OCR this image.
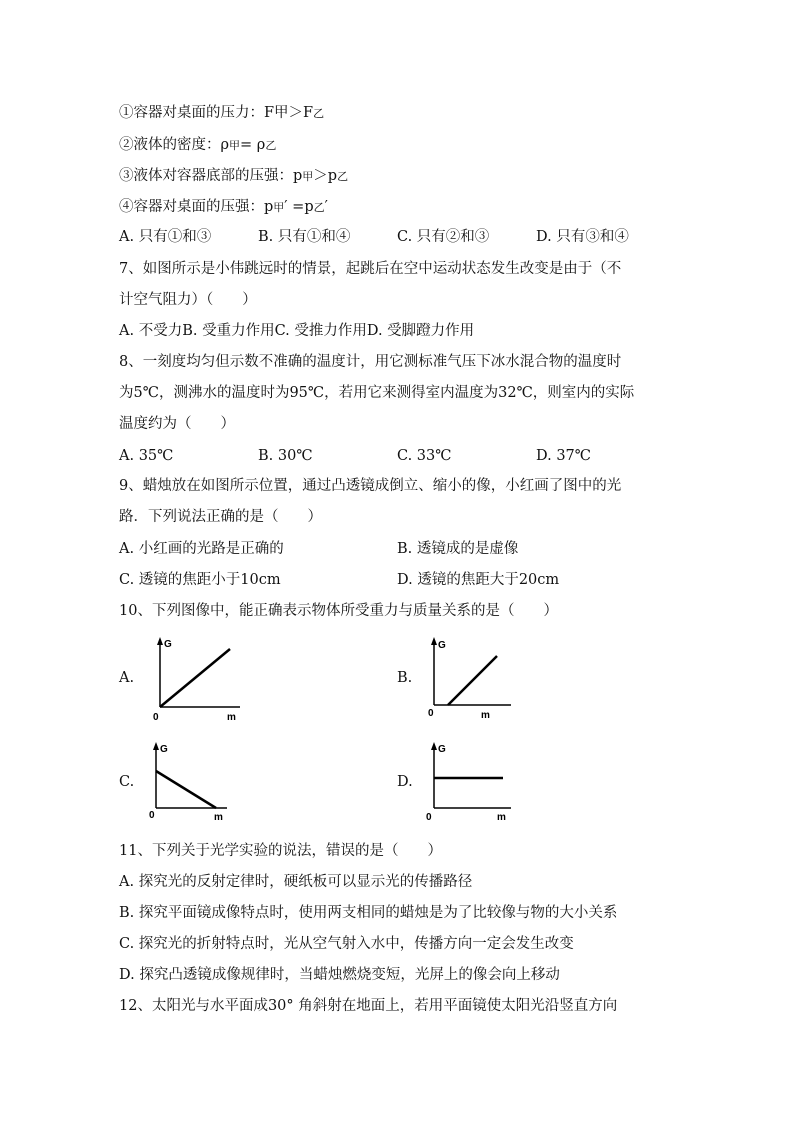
①容器对桌面的压力：F甲＞F乙
②液体的密度：ρ甲= ρ乙
③液体对容器底部的压强：p甲＞p乙
④容器对桌面的压强：p甲′ =p乙′
A. 只有①和③	B. 只有①和④	C. 只有②和③	D. 只有③和④
7、如图所示是小伟跳远时的情景，起跳后在空中运动状态发生改变是由于（不
计空气阻力）（　　）
A. 不受力B. 受重力作用C. 受推力作用D. 受脚蹬力作用
8、一刻度均匀但示数不准确的温度计，用它测标准气压下冰水混合物的温度时
为5℃，测沸水的温度时为95℃，若用它来测得室内温度为32℃，则室内的实际
温度约为（　　）
A. 35℃	B. 30℃	C. 33℃	D. 37℃
路．下列说法正确的是（　　）
9、蜡烛放在如图所示位置，通过凸透镜成倒立、缩小的像，小红画了图中的光
A. 小红画的光路是正确的	B. 透镜成的是虚像
C. 透镜的焦距小于10cm	D. 透镜的焦距大于20cm
10、下列图像中，能正确表示物体所受重力与质量关系的是（　　）
A.
G
m
0
B.
G
m
0
C.
G
m
0
D.
G
m
0
11、下列关于光学实验的说法，错误的是（　　）
A. 探究光的反射定律时，硬纸板可以显示光的传播路径
B. 探究平面镜成像特点时，使用两支相同的蜡烛是为了比较像与物的大小关系
C. 探究光的折射特点时，光从空气射入水中，传播方向一定会发生改变
D. 探究凸透镜成像规律时，当蜡烛燃烧变短，光屏上的像会向上移动
12、太阳光与水平面成30° 角斜射在地面上，若用平面镜使太阳光沿竖直方向
